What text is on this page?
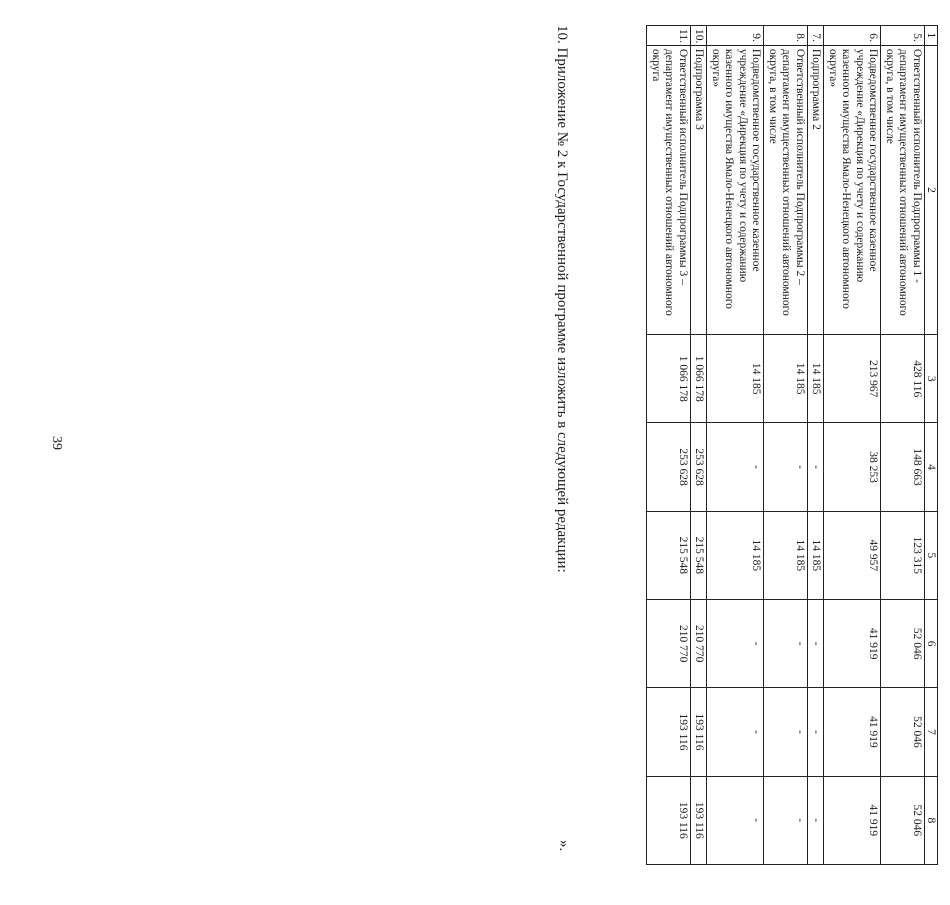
39
1	2	3	4	5	6	7	8
5.	Ответственный исполнитель Подпрограммы 1 - департамент имущественных отношений автономного округа, в том числе	428 116	148 663	123 315	52 046	52 046	52 046
6.	Подведомственное государственное казенное учреждение «Дирекция по учету и содержанию казенного имущества Ямало-Ненецкого автономного округа»	213 967	38 253	49 957	41 919	41 919	41 919
7.	Подпрограмма 2	14 185	-	14 185	-	-	-
8.	Ответственный исполнитель Подпрограммы 2 – департамент имущественных отношений автономного округа, в том числе	14 185	-	14 185	-	-	-
9.	Подведомственное государственное казенное учреждение «Дирекция по учету и содержанию казенного имущества Ямало-Ненецкого автономного округа»	14 185	-	14 185	-	-	-
10.	Подпрограмма 3	1 066 178	253 628	215 548	210 770	193 116	193 116
11.	Ответственный исполнитель Подпрограммы 3 – департамент имущественных отношений автономного округа	1 066 178	253 628	215 548	210 770	193 116	193 116
».
10. Приложение № 2 к Государственной программе изложить в следующей редакции:
